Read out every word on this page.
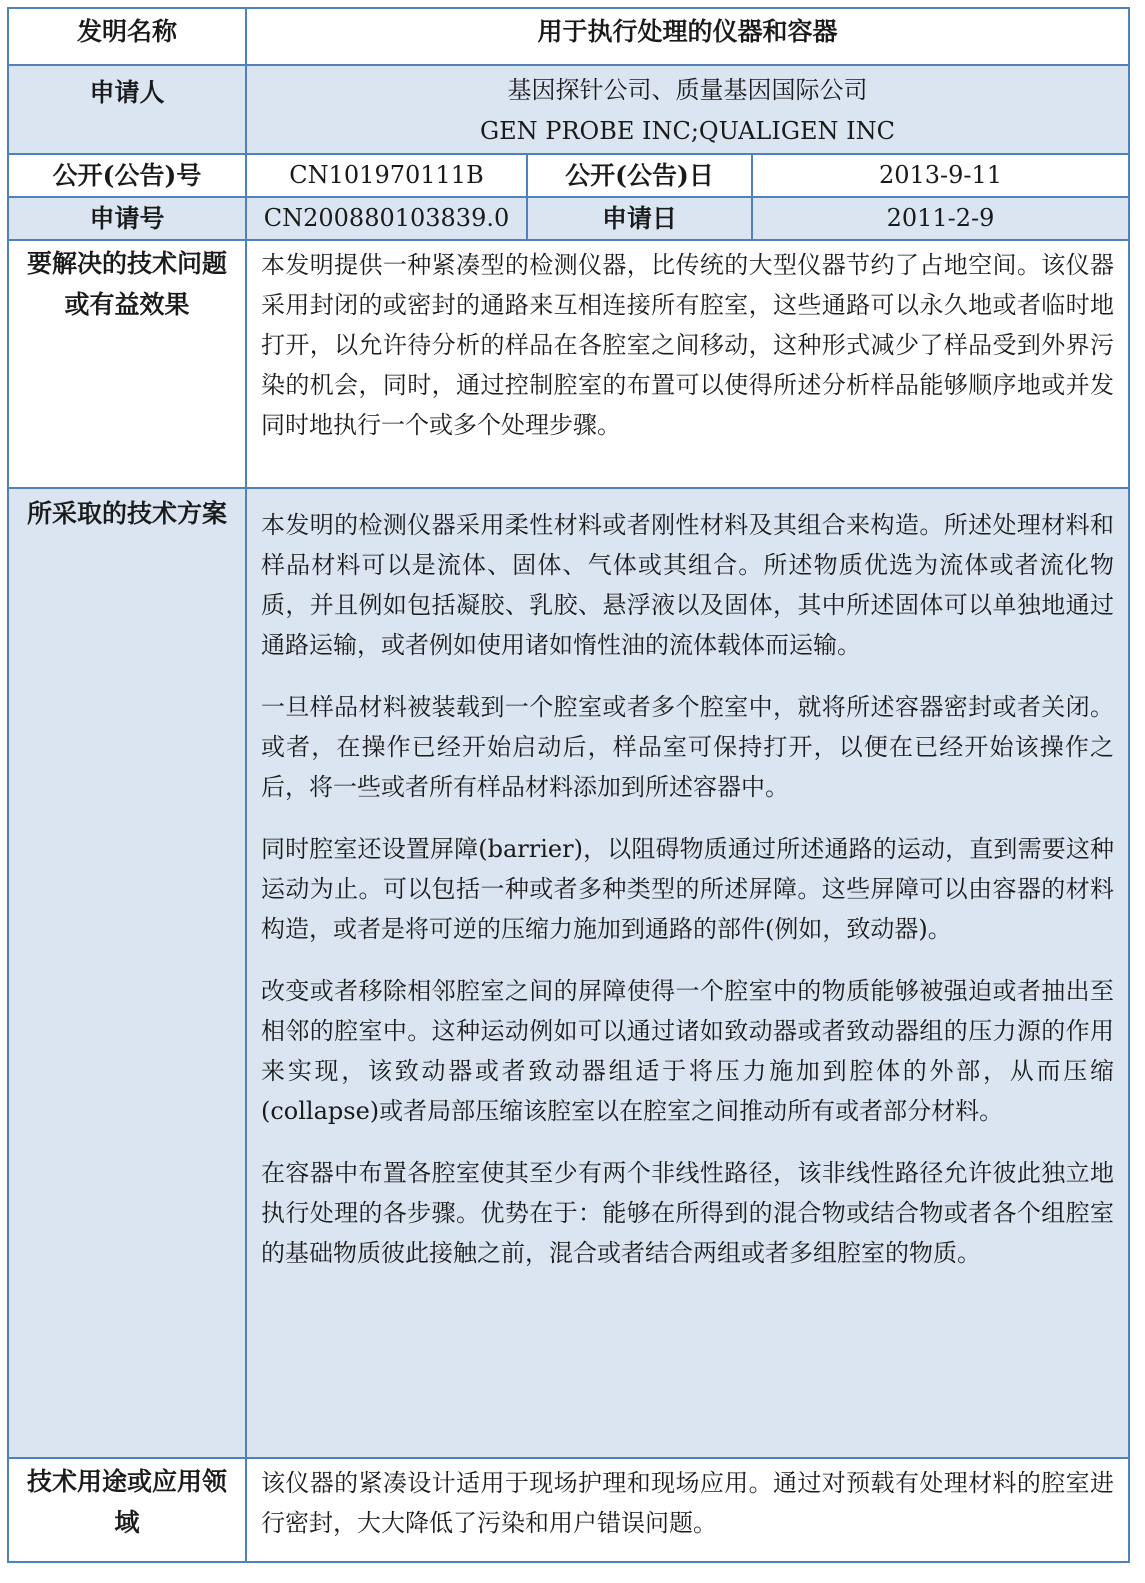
发明名称	用于执行处理的仪器和容器		

申请人	基因探针公司、质量基因国际公司
GEN PROBE INC;QUALIGEN INC		

公开(公告)号	CN101970111B	公开(公告)日	2013-9-11

申请号	CN200880103839.0	申请日	2011-2-9

要解决的技术问题或有益效果	本发明提供一种紧凑型的检测仪器，比传统的大型仪器节约了占地空间。该仪器采用封闭的或密封的通路来互相连接所有腔室，这些通路可以永久地或者临时地打开，以允许待分析的样品在各腔室之间移动，这种形式减少了样品受到外界污染的机会，同时，通过控制腔室的布置可以使得所述分析样品能够顺序地或并发同时地执行一个或多个处理步骤。		

所采取的技术方案	本发明的检测仪器采用柔性材料或者刚性材料及其组合来构造。所述处理材料和样品材料可以是流体、固体、气体或其组合。所述物质优选为流体或者流化物质，并且例如包括凝胶、乳胶、悬浮液以及固体，其中所述固体可以单独地通过通路运输，或者例如使用诸如惰性油的流体载体而运输。

一旦样品材料被装载到一个腔室或者多个腔室中，就将所述容器密封或者关闭。或者，在操作已经开始启动后，样品室可保持打开，以便在已经开始该操作之后，将一些或者所有样品材料添加到所述容器中。

同时腔室还设置屏障(barrier)，以阻碍物质通过所述通路的运动，直到需要这种运动为止。可以包括一种或者多种类型的所述屏障。这些屏障可以由容器的材料构造，或者是将可逆的压缩力施加到通路的部件(例如，致动器)。

改变或者移除相邻腔室之间的屏障使得一个腔室中的物质能够被强迫或者抽出至相邻的腔室中。这种运动例如可以通过诸如致动器或者致动器组的压力源的作用来实现，该致动器或者致动器组适于将压力施加到腔体的外部，从而压缩(collapse)或者局部压缩该腔室以在腔室之间推动所有或者部分材料。

在容器中布置各腔室使其至少有两个非线性路径，该非线性路径允许彼此独立地执行处理的各步骤。优势在于：能够在所得到的混合物或结合物或者各个组腔室的基础物质彼此接触之前，混合或者结合两组或者多组腔室的物质。		

技术用途或应用领域	该仪器的紧凑设计适用于现场护理和现场应用。通过对预载有处理材料的腔室进行密封，大大降低了污染和用户错误问题。		
